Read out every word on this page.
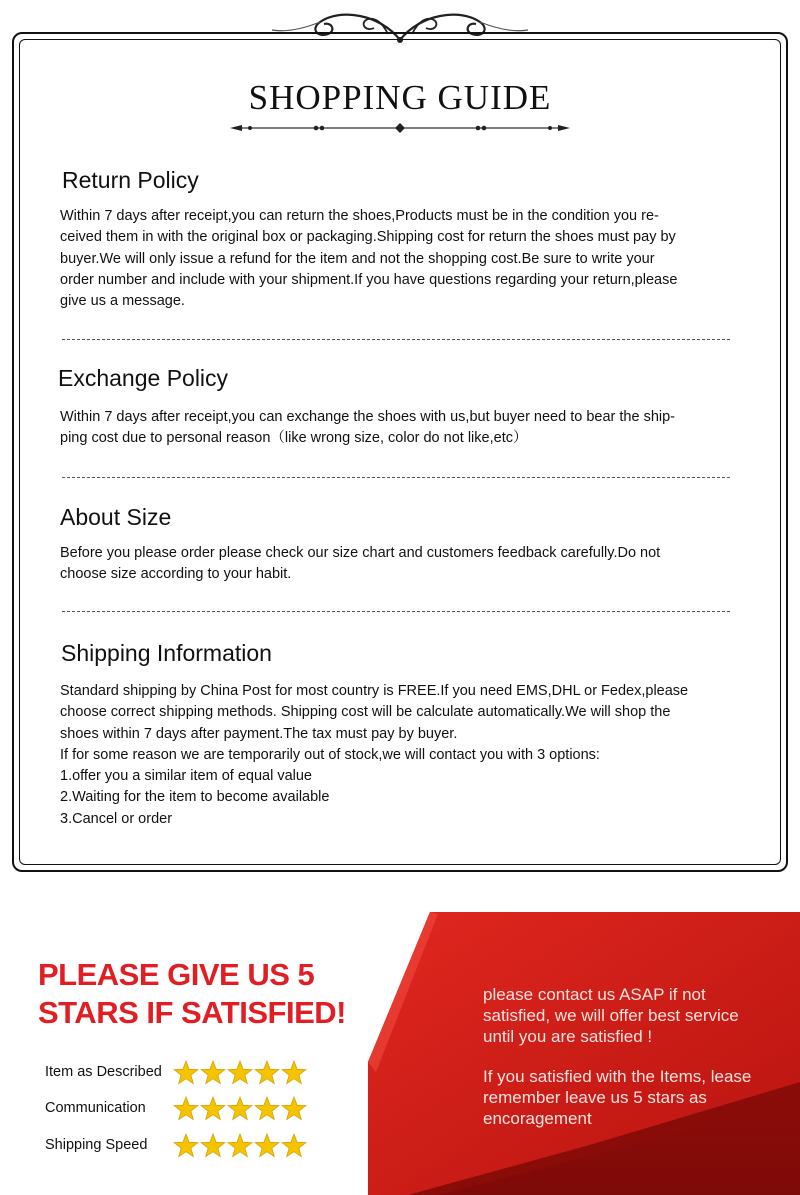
SHOPPING GUIDE
Return Policy

Within 7 days after receipt,you can return the shoes,Products must be in the condition you re-

ceived them in with the original box or packaging.Shipping cost for return the shoes must pay by

buyer.We will only issue a refund for the item and not the shopping cost.Be sure to write your

order number and include with your shipment.If you have questions regarding your return,please

give us a message.

Exchange Policy

Within 7 days after receipt,you can exchange the shoes with us,but buyer need to bear the ship-

ping cost due to personal reason（like wrong size, color do not like,etc）

About Size

Before you please order please check our size chart and customers feedback carefully.Do not

choose size according to your habit.

Shipping Information

Standard shipping by China Post for most country is FREE.If you need EMS,DHL or Fedex,please

choose correct shipping methods. Shipping cost will be calculate automatically.We will shop the

shoes within 7 days after payment.The tax must pay by buyer.

If for some reason we are temporarily out of stock,we will contact you with 3 options:

1.offer you a similar item of equal value

2.Waiting for the item to become available

3.Cancel or order

PLEASE GIVE US 5
STARS IF SATISFIED!
Item as Described
Communication
Shipping Speed

please contact us ASAP if not

satisfied, we will offer best service

until you are satisfied !

If you satisfied with the Items, lease

remember leave us 5 stars as

encoragement
